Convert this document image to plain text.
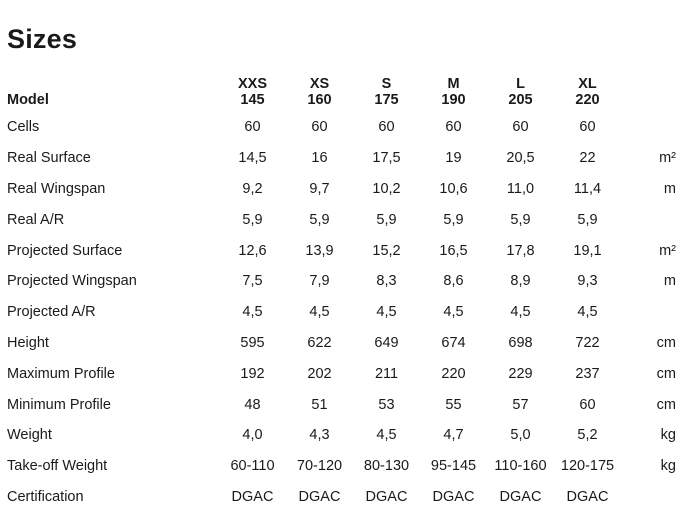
Sizes
	XXS	XS	S	M	L	XL	
Model	145	160	175	190	205	220	
Cells	60	60	60	60	60	60	
Real Surface	14,5	16	17,5	19	20,5	22	m²
Real Wingspan	9,2	9,7	10,2	10,6	11,0	11,4	m
Real A/R	5,9	5,9	5,9	5,9	5,9	5,9	
Projected Surface	12,6	13,9	15,2	16,5	17,8	19,1	m²
Projected Wingspan	7,5	7,9	8,3	8,6	8,9	9,3	m
Projected A/R	4,5	4,5	4,5	4,5	4,5	4,5	
Height	595	622	649	674	698	722	cm
Maximum Profile	192	202	211	220	229	237	cm
Minimum Profile	48	51	53	55	57	60	cm
Weight	4,0	4,3	4,5	4,7	5,0	5,2	kg
Take-off Weight	60-110	70-120	80-130	95-145	110-160	120-175	kg
Certification	DGAC	DGAC	DGAC	DGAC	DGAC	DGAC	
